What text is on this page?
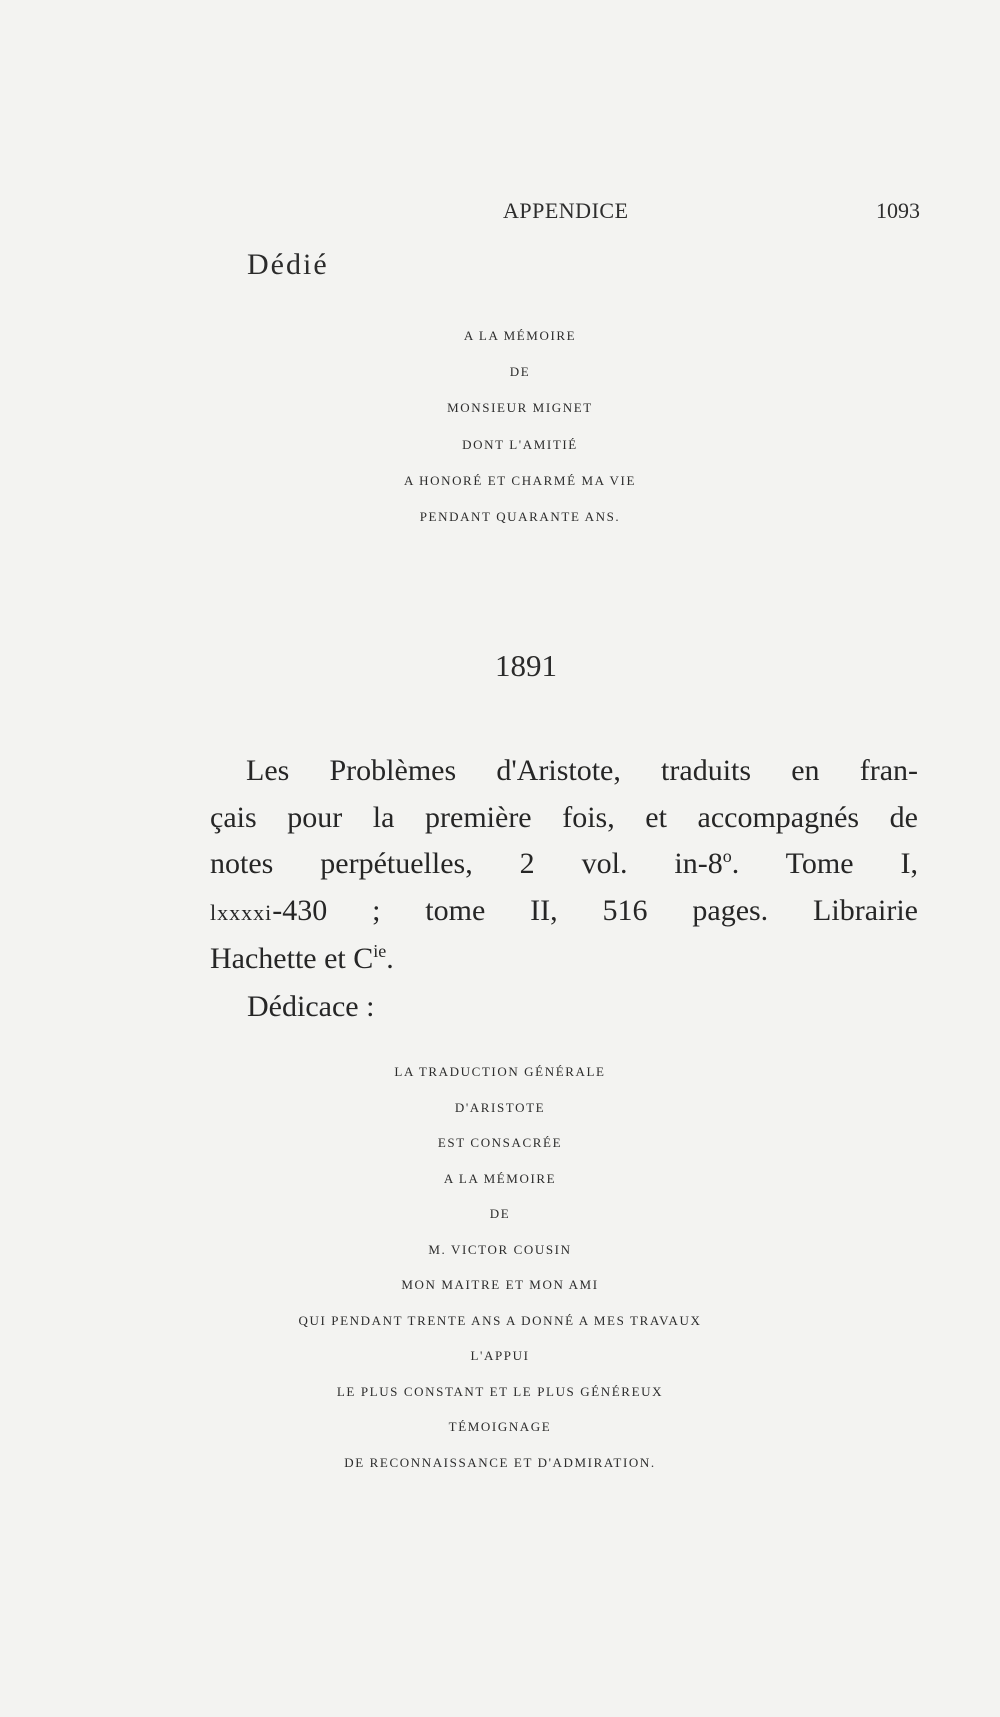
APPENDICE	1093
Dédié
A LA MÉMOIRE
DE
MONSIEUR MIGNET
DONT L'AMITIÉ
A HONORÉ ET CHARMÉ MA VIE
PENDANT QUARANTE ANS.
1891
Les Problèmes d'Aristote, traduits en fran-
çais pour la première fois, et accompagnés de
notes perpétuelles, 2 vol. in-8$^o$. Tome I,
lxxxxi-430 ; tome II, 516 pages. Librairie
Hachette et $C^{ie}$.
Dédicace :
LA TRADUCTION GÉNÉRALE
D'ARISTOTE
EST CONSACRÉE
A LA MÉMOIRE
DE
M. VICTOR COUSIN
MON MAITRE ET MON AMI
QUI PENDANT TRENTE ANS A DONNÉ A MES TRAVAUX
L'APPUI
LE PLUS CONSTANT ET LE PLUS GÉNÉREUX
TÉMOIGNAGE
DE RECONNAISSANCE ET D'ADMIRATION.
